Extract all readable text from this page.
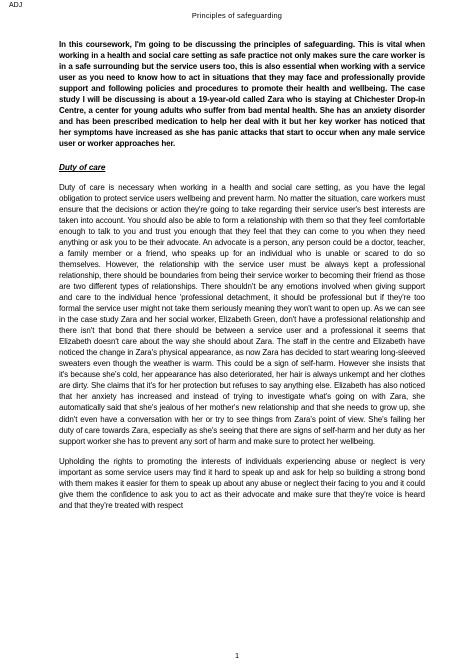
ADJ
Principles of safeguarding

In this coursework, I'm going to be discussing the principles of safeguarding. This is vital when working in a health and social care setting as safe practice not only makes sure the care worker is in a safe surrounding but the service users too, this is also essential when working with a service user as you need to know how to act in situations that they may face and professionally provide support and following policies and procedures to promote their health and wellbeing. The case study I will be discussing is about a 19-year-old called Zara who is staying at Chichester Drop-in Centre, a center for young adults who suffer from bad mental health. She has an anxiety disorder and has been prescribed medication to help her deal with it but her key worker has noticed that her symptoms have increased as she has panic attacks that start to occur when any male service user or worker approaches her.

Duty of care

Duty of care is necessary when working in a health and social care setting, as you have the legal obligation to protect service users wellbeing and prevent harm. No matter the situation, care workers must ensure that the decisions or action they're going to take regarding their service user's best interests are taken into account. You should also be able to form a relationship with them so that they feel comfortable enough to talk to you and trust you enough that they feel that they can come to you when they need anything or ask you to be their advocate. An advocate is a person, any person could be a doctor, teacher, a family member or a friend, who speaks up for an individual who is unable or scared to do so themselves. However, the relationship with the service user must be always kept a professional relationship, there should be boundaries from being their service worker to becoming their friend as those are two different types of relationships. There shouldn't be any emotions involved when giving support and care to the individual hence 'professional detachment, it should be professional but if they're too formal the service user might not take them seriously meaning they won't want to open up. As we can see in the case study Zara and her social worker, Elizabeth Green, don't have a professional relationship and there isn't that bond that there should be between a service user and a professional it seems that Elizabeth doesn't care about the way she should about Zara. The staff in the centre and Elizabeth have noticed the change in Zara's physical appearance, as now Zara has decided to start wearing long-sleeved sweaters even though the weather is warm. This could be a sign of self-harm. However she insists that it's because she's cold, her appearance has also deteriorated, her hair is always unkempt and her clothes are dirty. She claims that it's for her protection but refuses to say anything else. Elizabeth has also noticed that her anxiety has increased and instead of trying to investigate what's going on with Zara, she automatically said that she's jealous of her mother's new relationship and that she needs to grow up, she didn't even have a conversation with her or try to see things from Zara's point of view. She's failing her duty of care towards Zara, especially as she's seeing that there are signs of self-harm and her duty as her support worker she has to prevent any sort of harm and make sure to protect her wellbeing.

Upholding the rights to promoting the interests of individuals experiencing abuse or neglect is very important as some service users may find it hard to speak up and ask for help so building a strong bond with them makes it easier for them to speak up about any abuse or neglect their facing to you and it could give them the confidence to ask you to act as their advocate and make sure that they're voice is heard and that they're treated with respect

1
